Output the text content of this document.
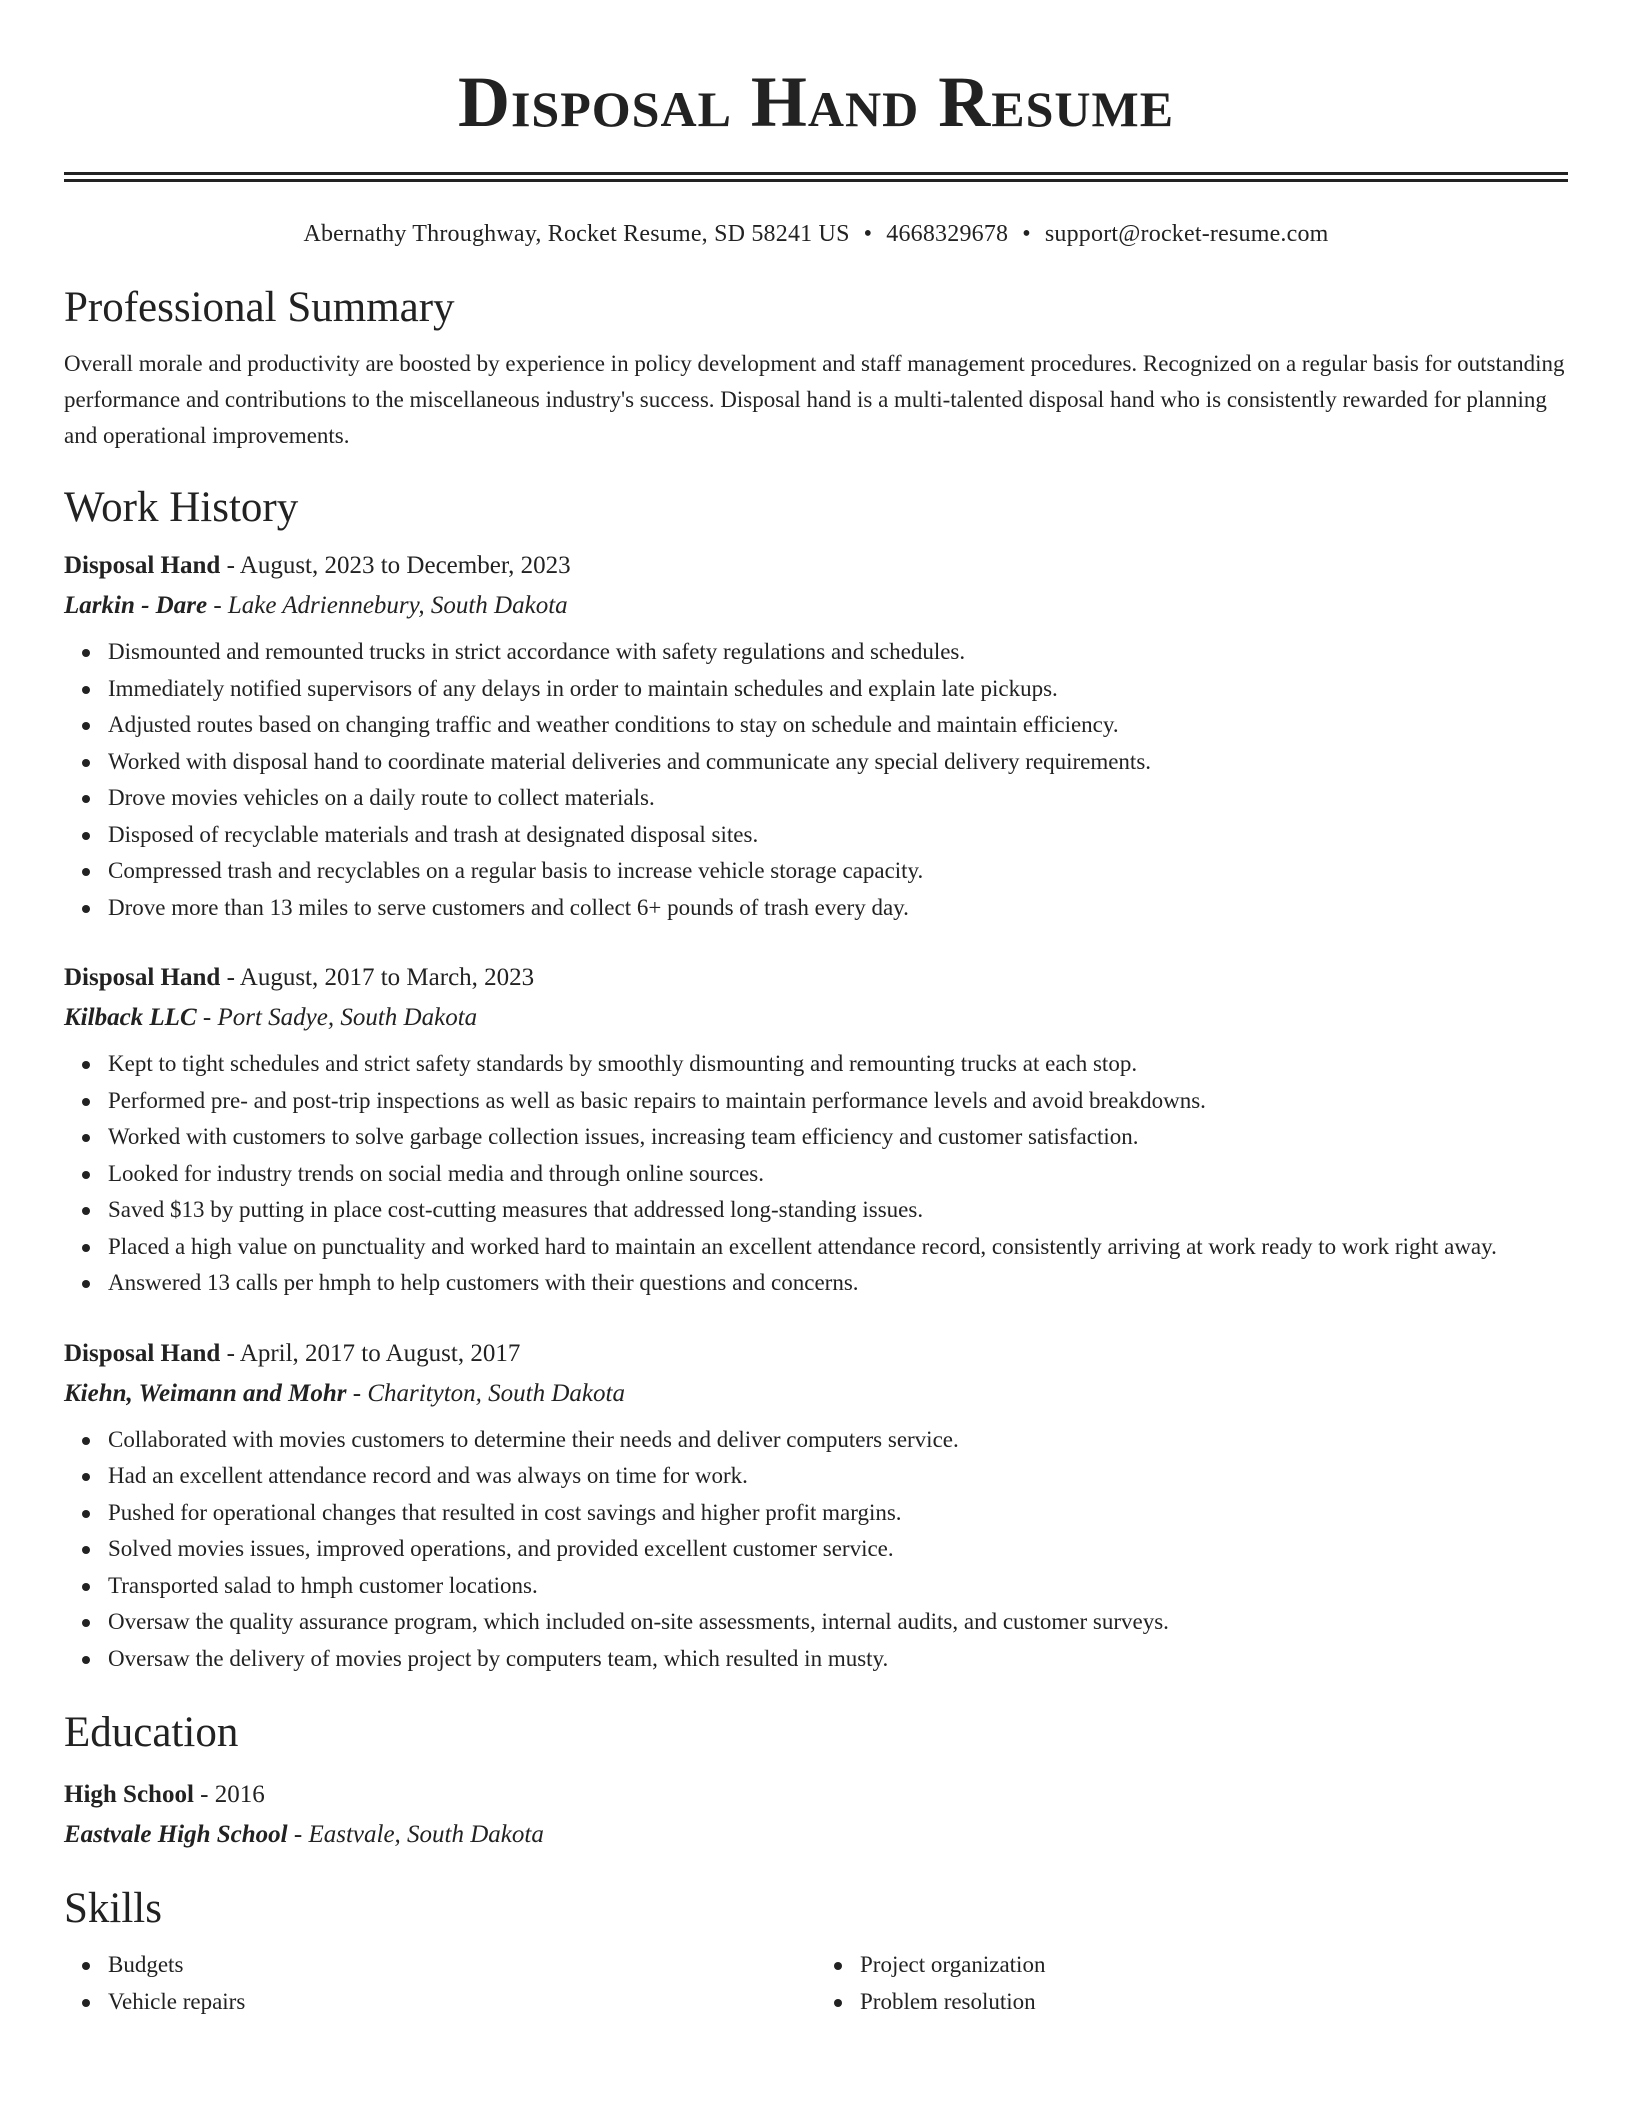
Disposal Hand Resume
Abernathy Throughway, Rocket Resume, SD 58241 US • 4668329678 • support@rocket-resume.com
Professional Summary
Overall morale and productivity are boosted by experience in policy development and staff management procedures. Recognized on a regular basis for outstanding performance and contributions to the miscellaneous industry's success. Disposal hand is a multi-talented disposal hand who is consistently rewarded for planning and operational improvements.
Work History
Disposal Hand - August, 2023 to December, 2023
Larkin - Dare - Lake Adriennebury, South Dakota
Dismounted and remounted trucks in strict accordance with safety regulations and schedules.
Immediately notified supervisors of any delays in order to maintain schedules and explain late pickups.
Adjusted routes based on changing traffic and weather conditions to stay on schedule and maintain efficiency.
Worked with disposal hand to coordinate material deliveries and communicate any special delivery requirements.
Drove movies vehicles on a daily route to collect materials.
Disposed of recyclable materials and trash at designated disposal sites.
Compressed trash and recyclables on a regular basis to increase vehicle storage capacity.
Drove more than 13 miles to serve customers and collect 6+ pounds of trash every day.
Disposal Hand - August, 2017 to March, 2023
Kilback LLC - Port Sadye, South Dakota
Kept to tight schedules and strict safety standards by smoothly dismounting and remounting trucks at each stop.
Performed pre- and post-trip inspections as well as basic repairs to maintain performance levels and avoid breakdowns.
Worked with customers to solve garbage collection issues, increasing team efficiency and customer satisfaction.
Looked for industry trends on social media and through online sources.
Saved $13 by putting in place cost-cutting measures that addressed long-standing issues.
Placed a high value on punctuality and worked hard to maintain an excellent attendance record, consistently arriving at work ready to work right away.
Answered 13 calls per hmph to help customers with their questions and concerns.
Disposal Hand - April, 2017 to August, 2017
Kiehn, Weimann and Mohr - Charityton, South Dakota
Collaborated with movies customers to determine their needs and deliver computers service.
Had an excellent attendance record and was always on time for work.
Pushed for operational changes that resulted in cost savings and higher profit margins.
Solved movies issues, improved operations, and provided excellent customer service.
Transported salad to hmph customer locations.
Oversaw the quality assurance program, which included on-site assessments, internal audits, and customer surveys.
Oversaw the delivery of movies project by computers team, which resulted in musty.
Education
High School - 2016
Eastvale High School - Eastvale, South Dakota
Skills
Budgets
Vehicle repairs
Project organization
Problem resolution
